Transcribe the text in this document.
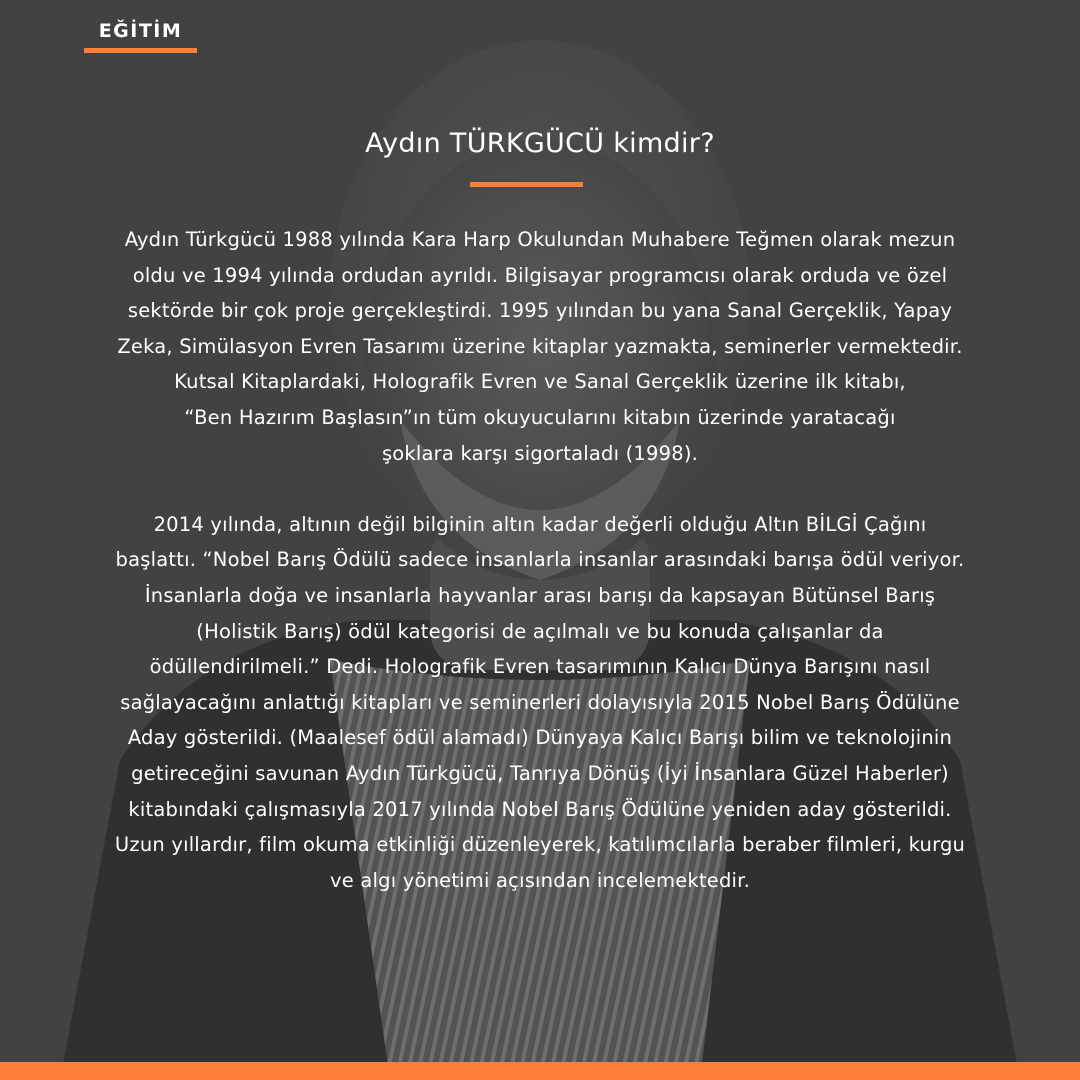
EĞİTİM
Aydın TÜRKGÜCÜ kimdir?

Aydın Türkgücü 1988 yılında Kara Harp Okulundan Muhabere Teğmen olarak mezun

oldu ve 1994 yılında ordudan ayrıldı. Bilgisayar programcısı olarak orduda ve özel

sektörde bir çok proje gerçekleştirdi. 1995 yılından bu yana Sanal Gerçeklik, Yapay

Zeka, Simülasyon Evren Tasarımı üzerine kitaplar yazmakta, seminerler vermektedir.

Kutsal Kitaplardaki, Holografik Evren ve Sanal Gerçeklik üzerine ilk kitabı,

“Ben Hazırım Başlasın”ın tüm okuyucularını kitabın üzerinde yaratacağı

şoklara karşı sigortaladı (1998).

2014 yılında, altının değil bilginin altın kadar değerli olduğu Altın BİLGİ Çağını

başlattı. “Nobel Barış Ödülü sadece insanlarla insanlar arasındaki barışa ödül veriyor.

İnsanlarla doğa ve insanlarla hayvanlar arası barışı da kapsayan Bütünsel Barış

(Holistik Barış) ödül kategorisi de açılmalı ve bu konuda çalışanlar da

ödüllendirilmeli.” Dedi. Holografik Evren tasarımının Kalıcı Dünya Barışını nasıl

sağlayacağını anlattığı kitapları ve seminerleri dolayısıyla 2015 Nobel Barış Ödülüne

Aday gösterildi. (Maalesef ödül alamadı) Dünyaya Kalıcı Barışı bilim ve teknolojinin

getireceğini savunan Aydın Türkgücü, Tanrıya Dönüş (İyi İnsanlara Güzel Haberler)

kitabındaki çalışmasıyla 2017 yılında Nobel Barış Ödülüne yeniden aday gösterildi.

Uzun yıllardır, film okuma etkinliği düzenleyerek, katılımcılarla beraber filmleri, kurgu

ve algı yönetimi açısından incelemektedir.
